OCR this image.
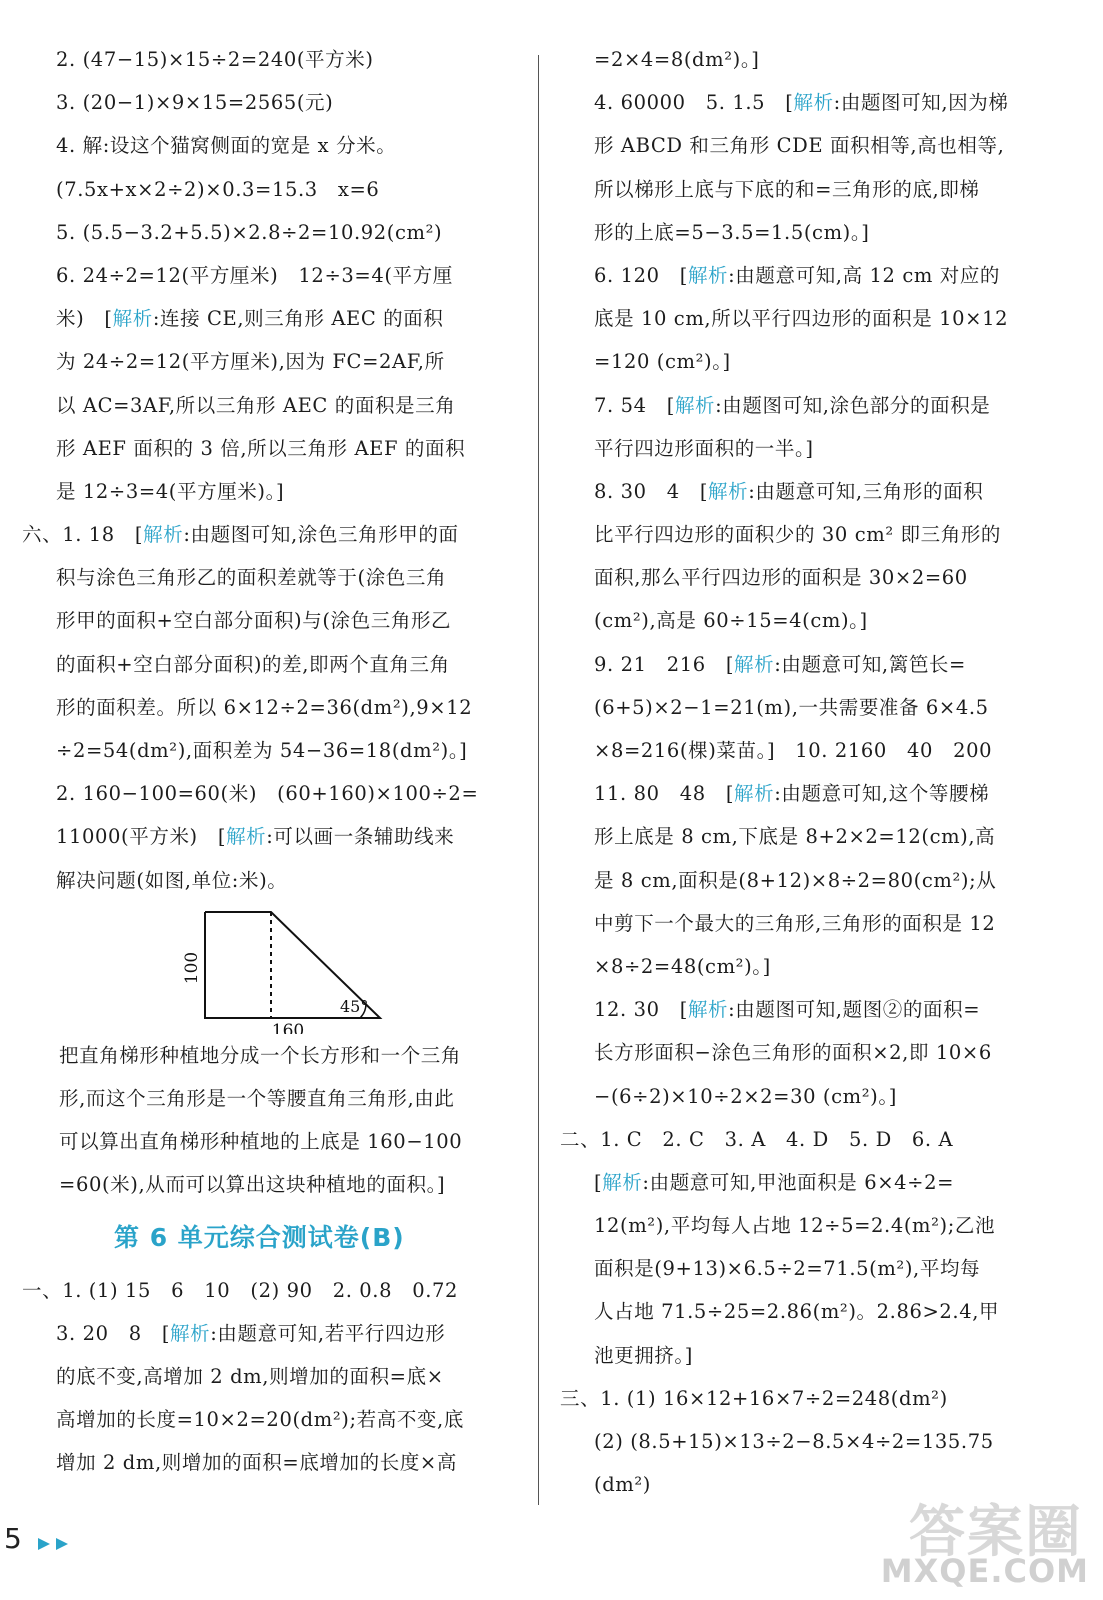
2. (47−15)×15÷2=240(平方米)
3. (20−1)×9×15=2565(元)
4. 解:设这个猫窝侧面的宽是 x 分米。
(7.5x+x×2÷2)×0.3=15.3　x=6
5. (5.5−3.2+5.5)×2.8÷2=10.92(cm²)
6. 24÷2=12(平方厘米)　12÷3=4(平方厘
米)　[解析:连接 CE,则三角形 AEC 的面积
为 24÷2=12(平方厘米),因为 FC=2AF,所
以 AC=3AF,所以三角形 AEC 的面积是三角
形 AEF 面积的 3 倍,所以三角形 AEF 的面积
是 12÷3=4(平方厘米)。]
六、1. 18　[解析:由题图可知,涂色三角形甲的面
积与涂色三角形乙的面积差就等于(涂色三角
形甲的面积+空白部分面积)与(涂色三角形乙
的面积+空白部分面积)的差,即两个直角三角
形的面积差。所以 6×12÷2=36(dm²),9×12
÷2=54(dm²),面积差为 54−36=18(dm²)。]
2. 160−100=60(米)　(60+160)×100÷2=
11000(平方米)　[解析:可以画一条辅助线来
解决问题(如图,单位:米)。
100
160
45°
把直角梯形种植地分成一个长方形和一个三角
形,而这个三角形是一个等腰直角三角形,由此
可以算出直角梯形种植地的上底是 160−100
=60(米),从而可以算出这块种植地的面积。]
第 6 单元综合测试卷(B)
一、1. (1) 15　6　10　(2) 90　2. 0.8　0.72
3. 20　8　[解析:由题意可知,若平行四边形
的底不变,高增加 2 dm,则增加的面积=底×
高增加的长度=10×2=20(dm²);若高不变,底
增加 2 dm,则增加的面积=底增加的长度×高
=2×4=8(dm²)。]
4. 60000　5. 1.5　[解析:由题图可知,因为梯
形 ABCD 和三角形 CDE 面积相等,高也相等,
所以梯形上底与下底的和=三角形的底,即梯
形的上底=5−3.5=1.5(cm)。]
6. 120　[解析:由题意可知,高 12 cm 对应的
底是 10 cm,所以平行四边形的面积是 10×12
=120 (cm²)。]
7. 54　[解析:由题图可知,涂色部分的面积是
平行四边形面积的一半。]
8. 30　4　[解析:由题意可知,三角形的面积
比平行四边形的面积少的 30 cm² 即三角形的
面积,那么平行四边形的面积是 30×2=60
(cm²),高是 60÷15=4(cm)。]
9. 21　216　[解析:由题意可知,篱笆长=
(6+5)×2−1=21(m),一共需要准备 6×4.5
×8=216(棵)菜苗。]　10. 2160　40　200
11. 80　48　[解析:由题意可知,这个等腰梯
形上底是 8 cm,下底是 8+2×2=12(cm),高
是 8 cm,面积是(8+12)×8÷2=80(cm²);从
中剪下一个最大的三角形,三角形的面积是 12
×8÷2=48(cm²)。]
12. 30　[解析:由题图可知,题图②的面积=
长方形面积−涂色三角形的面积×2,即 10×6
−(6÷2)×10÷2×2=30 (cm²)。]
二、1. C　2. C　3. A　4. D　5. D　6. A
[解析:由题意可知,甲池面积是 6×4÷2=
12(m²),平均每人占地 12÷5=2.4(m²);乙池
面积是(9+13)×6.5÷2=71.5(m²),平均每
人占地 71.5÷25=2.86(m²)。2.86>2.4,甲
池更拥挤。]
三、1. (1) 16×12+16×7÷2=248(dm²)
(2) (8.5+15)×13÷2−8.5×4÷2=135.75
(dm²)
5	答案圈
MXQE.COM
